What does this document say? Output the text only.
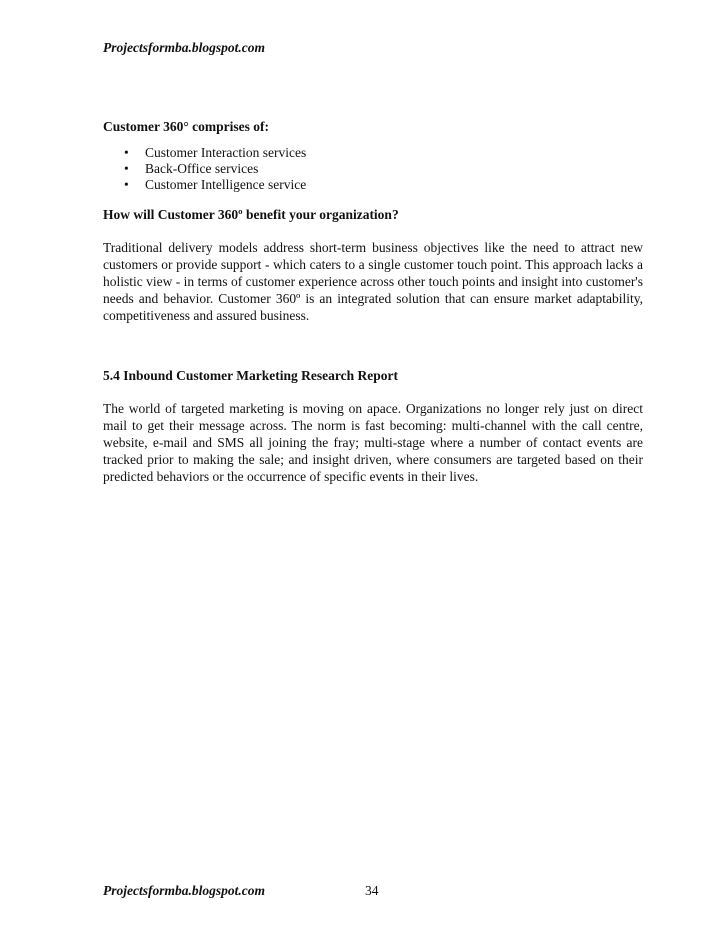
Projectsformba.blogspot.com

Customer 360° comprises of:

• Customer Interaction services
• Back-Office services
• Customer Intelligence service

How will Customer 360º benefit your organization?

Traditional delivery models address short-term business objectives like the need to attract new customers or provide support - which caters to a single customer touch point. This approach lacks a holistic view - in terms of customer experience across other touch points and insight into customer's needs and behavior. Customer 360º is an integrated solution that can ensure market adaptability, competitiveness and assured business.

5.4 Inbound Customer Marketing Research Report

The world of targeted marketing is moving on apace. Organizations no longer rely just on direct mail to get their message across. The norm is fast becoming: multi-channel with the call centre, website, e-mail and SMS all joining the fray; multi-stage where a number of contact events are tracked prior to making the sale; and insight driven, where consumers are targeted based on their predicted behaviors or the occurrence of specific events in their lives.

Projectsformba.blogspot.com	34
